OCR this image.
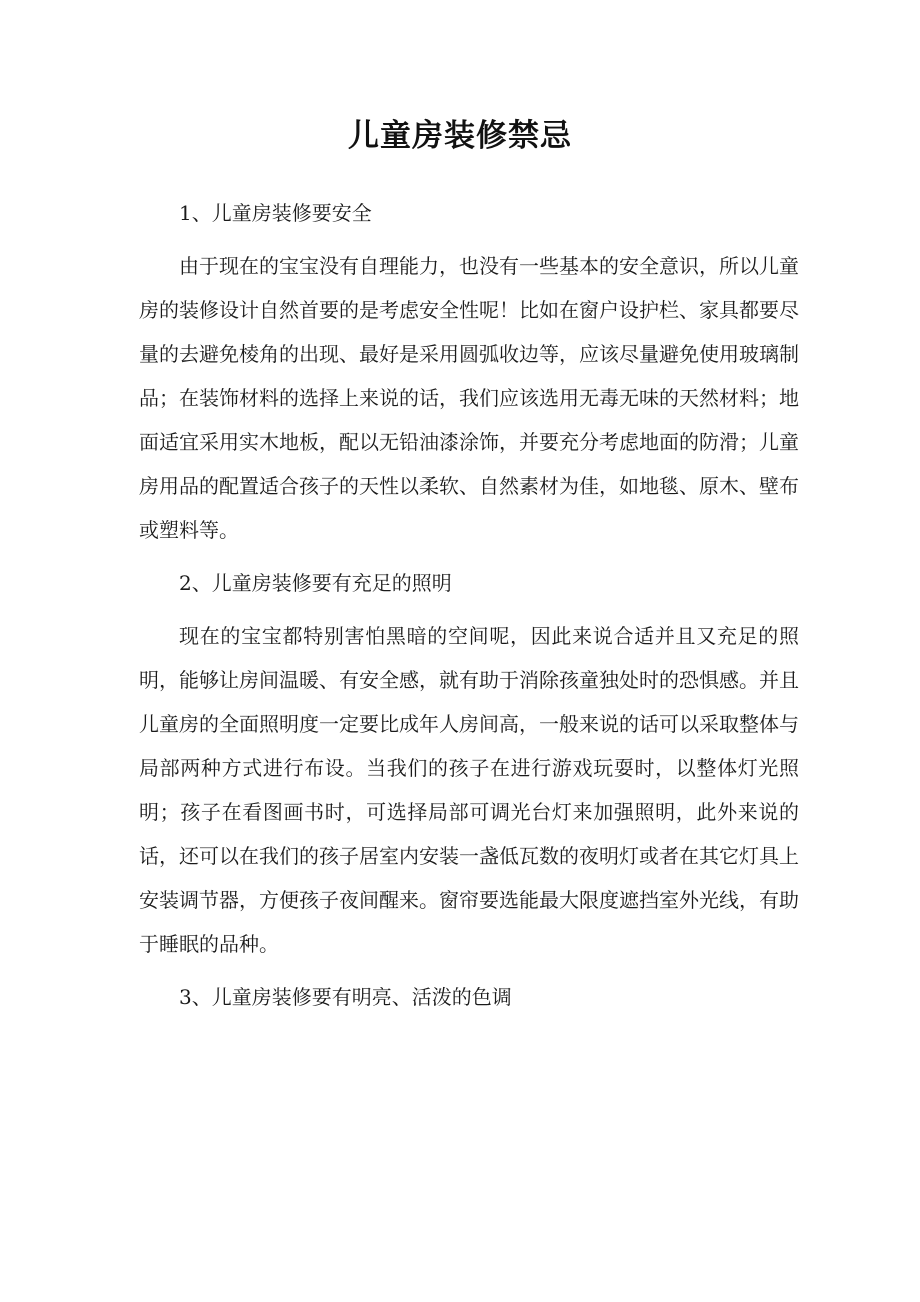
儿童房装修禁忌

1、儿童房装修要安全

由于现在的宝宝没有自理能力，也没有一些基本的安全意识，所以儿童房的装修设计自然首要的是考虑安全性呢！比如在窗户设护栏、家具都要尽量的去避免棱角的出现、最好是采用圆弧收边等，应该尽量避免使用玻璃制品；在装饰材料的选择上来说的话，我们应该选用无毒无味的天然材料；地面适宜采用实木地板，配以无铅油漆涂饰，并要充分考虑地面的防滑；儿童房用品的配置适合孩子的天性以柔软、自然素材为佳，如地毯、原木、壁布或塑料等。

2、儿童房装修要有充足的照明

现在的宝宝都特别害怕黑暗的空间呢，因此来说合适并且又充足的照明，能够让房间温暖、有安全感，就有助于消除孩童独处时的恐惧感。并且儿童房的全面照明度一定要比成年人房间高，一般来说的话可以采取整体与局部两种方式进行布设。当我们的孩子在进行游戏玩耍时，以整体灯光照明；孩子在看图画书时，可选择局部可调光台灯来加强照明，此外来说的话，还可以在我们的孩子居室内安装一盏低瓦数的夜明灯或者在其它灯具上安装调节器，方便孩子夜间醒来。窗帘要选能最大限度遮挡室外光线，有助于睡眠的品种。

3、儿童房装修要有明亮、活泼的色调
